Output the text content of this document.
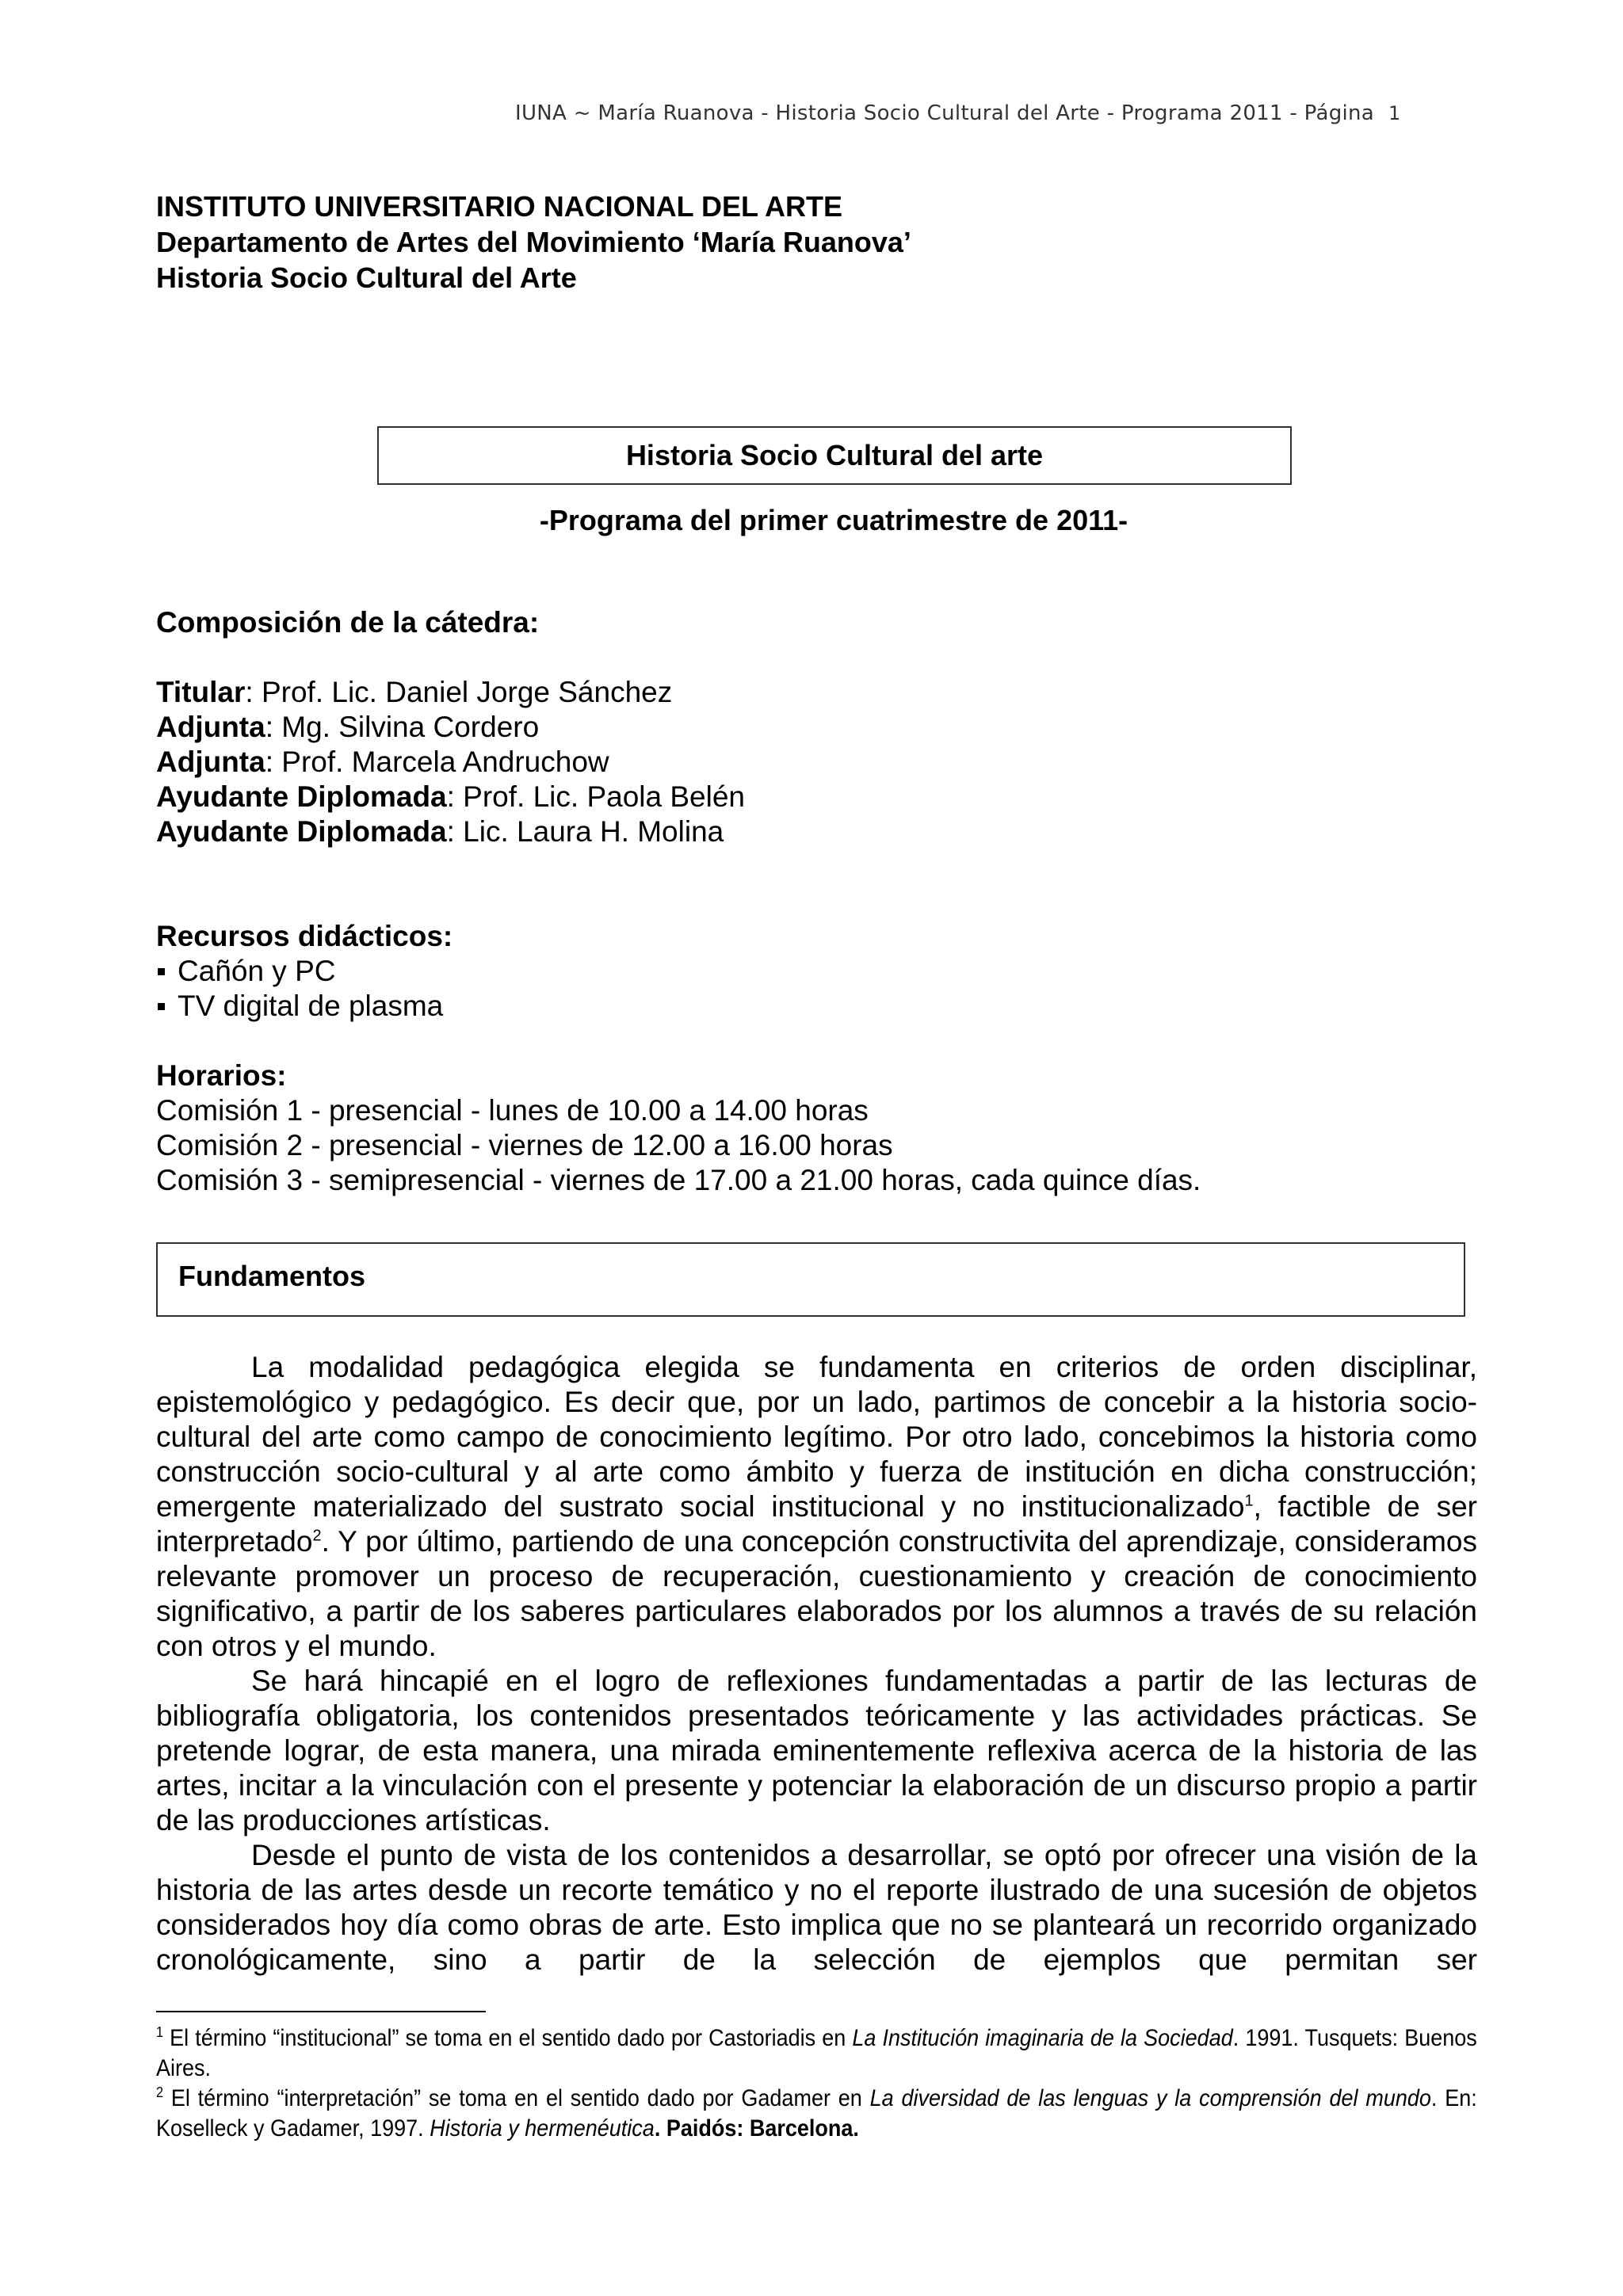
IUNA ~ María Ruanova - Historia Socio Cultural del Arte - Programa 2011 - Página 1
INSTITUTO UNIVERSITARIO NACIONAL DEL ARTE
Departamento de Artes del Movimiento ‘María Ruanova’
Historia Socio Cultural del Arte
Historia Socio Cultural del arte
-Programa del primer cuatrimestre de 2011-
Composición de la cátedra:
Titular: Prof. Lic. Daniel Jorge Sánchez
Adjunta: Mg. Silvina Cordero
Adjunta: Prof. Marcela Andruchow
Ayudante Diplomada: Prof. Lic. Paola Belén
Ayudante Diplomada: Lic. Laura H. Molina
Recursos didácticos:
Cañón y PC
TV digital de plasma
Horarios:
Comisión 1 - presencial - lunes de 10.00 a 14.00 horas
Comisión 2 - presencial - viernes de 12.00 a 16.00 horas
Comisión 3 - semipresencial - viernes de 17.00 a 21.00 horas, cada quince días.
Fundamentos

La modalidad pedagógica elegida se fundamenta en criterios de orden disciplinar, epistemológico y pedagógico. Es decir que, por un lado, partimos de concebir a la historia socio-cultural del arte como campo de conocimiento legítimo. Por otro lado, concebimos la historia como construcción socio-cultural y al arte como ámbito y fuerza de institución en dicha construcción; emergente materializado del sustrato social institucional y no institucionalizado$^1$, factible de ser interpretado$^2$. Y por último, partiendo de una concepción constructivita del aprendizaje, consideramos relevante promover un proceso de recuperación, cuestionamiento y creación de conocimiento significativo, a partir de los saberes particulares elaborados por los alumnos a través de su relación con otros y el mundo.

Se hará hincapié en el logro de reflexiones fundamentadas a partir de las lecturas de bibliografía obligatoria, los contenidos presentados teóricamente y las actividades prácticas. Se pretende lograr, de esta manera, una mirada eminentemente reflexiva acerca de la historia de las artes, incitar a la vinculación con el presente y potenciar la elaboración de un discurso propio a partir de las producciones artísticas.

Desde el punto de vista de los contenidos a desarrollar, se optó por ofrecer una visión de la historia de las artes desde un recorte temático y no el reporte ilustrado de una sucesión de objetos considerados hoy día como obras de arte. Esto implica que no se planteará un recorrido organizado cronológicamente, sino a partir de la selección de ejemplos que permitan ser

$^1$ El término “institucional” se toma en el sentido dado por Castoriadis en La Institución imaginaria de la Sociedad. 1991. Tusquets: Buenos Aires.

$^2$ El término “interpretación” se toma en el sentido dado por Gadamer en La diversidad de las lenguas y la comprensión del mundo. En: Koselleck y Gadamer, 1997. Historia y hermenéutica. Paidós: Barcelona.
